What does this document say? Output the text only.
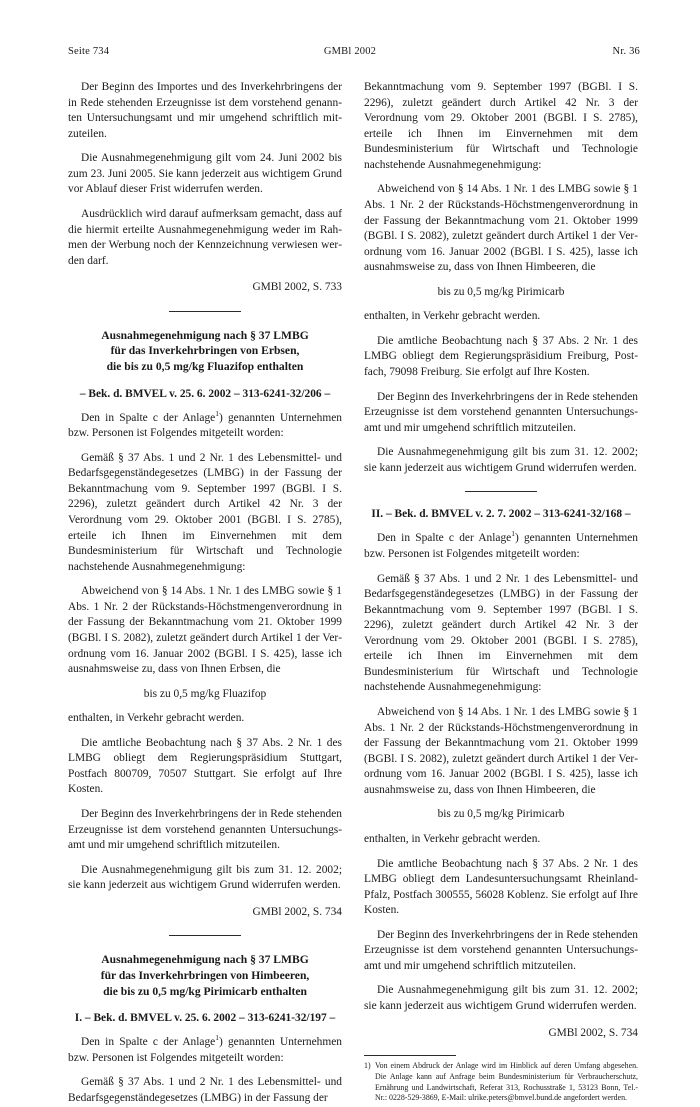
Seite 734	GMBl 2002	Nr. 36

Der Beginn des Importes und des Inverkehrbringens der in Rede stehenden Erzeugnisse ist dem vorstehend genannten Untersuchungsamt und mir umgehend schriftlich mitzuteilen.

Die Ausnahmegenehmigung gilt vom 24. Juni 2002 bis zum 23. Juni 2005. Sie kann jederzeit aus wichtigem Grund vor Ablauf dieser Frist widerrufen werden.

Ausdrücklich wird darauf aufmerksam gemacht, dass auf die hiermit erteilte Ausnahmegenehmigung weder im Rahmen der Werbung noch der Kennzeichnung verwiesen werden darf.

GMBl 2002, S. 733

Ausnahmegenehmigung nach § 37 LMBG
für das Inverkehrbringen von Erbsen,
die bis zu 0,5 mg/kg Fluazifop enthalten
– Bek. d. BMVEL v. 25. 6. 2002 – 313-6241-32/206 –

Den in Spalte c der Anlage$^1$) genannten Unternehmen bzw. Personen ist Folgendes mitgeteilt worden:

Gemäß § 37 Abs. 1 und 2 Nr. 1 des Lebensmittel- und Bedarfsgegenständegesetzes (LMBG) in der Fassung der Bekanntmachung vom 9. September 1997 (BGBl. I S. 2296), zuletzt geändert durch Artikel 42 Nr. 3 der Verordnung vom 29. Oktober 2001 (BGBl. I S. 2785), erteile ich Ihnen im Einvernehmen mit dem Bundesministerium für Wirtschaft und Technologie nachstehende Ausnahmegenehmigung:

Abweichend von § 14 Abs. 1 Nr. 1 des LMBG sowie § 1 Abs. 1 Nr. 2 der Rückstands-Höchstmengenverordnung in der Fassung der Bekanntmachung vom 21. Oktober 1999 (BGBl. I S. 2082), zuletzt geändert durch Artikel 1 der Verordnung vom 16. Januar 2002 (BGBl. I S. 425), lasse ich ausnahmsweise zu, dass von Ihnen Erbsen, die

bis zu 0,5 mg/kg Fluazifop

enthalten, in Verkehr gebracht werden.

Die amtliche Beobachtung nach § 37 Abs. 2 Nr. 1 des LMBG obliegt dem Regierungspräsidium Stuttgart, Postfach 800709, 70507 Stuttgart. Sie erfolgt auf Ihre Kosten.

Der Beginn des Inverkehrbringens der in Rede stehenden Erzeugnisse ist dem vorstehend genannten Untersuchungsamt und mir umgehend schriftlich mitzuteilen.

Die Ausnahmegenehmigung gilt bis zum 31. 12. 2002; sie kann jederzeit aus wichtigem Grund widerrufen werden.

GMBl 2002, S. 734

Ausnahmegenehmigung nach § 37 LMBG
für das Inverkehrbringen von Himbeeren,
die bis zu 0,5 mg/kg Pirimicarb enthalten
I. – Bek. d. BMVEL v. 25. 6. 2002 – 313-6241-32/197 –

Den in Spalte c der Anlage$^1$) genannten Unternehmen bzw. Personen ist Folgendes mitgeteilt worden:

Gemäß § 37 Abs. 1 und 2 Nr. 1 des Lebensmittel- und Bedarfsgegenständegesetzes (LMBG) in der Fassung der

Bekanntmachung vom 9. September 1997 (BGBl. I S. 2296), zuletzt geändert durch Artikel 42 Nr. 3 der Verordnung vom 29. Oktober 2001 (BGBl. I S. 2785), erteile ich Ihnen im Einvernehmen mit dem Bundesministerium für Wirtschaft und Technologie nachstehende Ausnahmegenehmigung:

Abweichend von § 14 Abs. 1 Nr. 1 des LMBG sowie § 1 Abs. 1 Nr. 2 der Rückstands-Höchstmengenverordnung in der Fassung der Bekanntmachung vom 21. Oktober 1999 (BGBl. I S. 2082), zuletzt geändert durch Artikel 1 der Verordnung vom 16. Januar 2002 (BGBl. I S. 425), lasse ich ausnahmsweise zu, dass von Ihnen Himbeeren, die

bis zu 0,5 mg/kg Pirimicarb

enthalten, in Verkehr gebracht werden.

Die amtliche Beobachtung nach § 37 Abs. 2 Nr. 1 des LMBG obliegt dem Regierungspräsidium Freiburg, Postfach, 79098 Freiburg. Sie erfolgt auf Ihre Kosten.

Der Beginn des Inverkehrbringens der in Rede stehenden Erzeugnisse ist dem vorstehend genannten Untersuchungsamt und mir umgehend schriftlich mitzuteilen.

Die Ausnahmegenehmigung gilt bis zum 31. 12. 2002; sie kann jederzeit aus wichtigem Grund widerrufen werden.

II. – Bek. d. BMVEL v. 2. 7. 2002 – 313-6241-32/168 –

Den in Spalte c der Anlage$^1$) genannten Unternehmen bzw. Personen ist Folgendes mitgeteilt worden:

Gemäß § 37 Abs. 1 und 2 Nr. 1 des Lebensmittel- und Bedarfsgegenständegesetzes (LMBG) in der Fassung der Bekanntmachung vom 9. September 1997 (BGBl. I S. 2296), zuletzt geändert durch Artikel 42 Nr. 3 der Verordnung vom 29. Oktober 2001 (BGBl. I S. 2785), erteile ich Ihnen im Einvernehmen mit dem Bundesministerium für Wirtschaft und Technologie nachstehende Ausnahmegenehmigung:

Abweichend von § 14 Abs. 1 Nr. 1 des LMBG sowie § 1 Abs. 1 Nr. 2 der Rückstands-Höchstmengenverordnung in der Fassung der Bekanntmachung vom 21. Oktober 1999 (BGBl. I S. 2082), zuletzt geändert durch Artikel 1 der Verordnung vom 16. Januar 2002 (BGBl. I S. 425), lasse ich ausnahmsweise zu, dass von Ihnen Himbeeren, die

bis zu 0,5 mg/kg Pirimicarb

enthalten, in Verkehr gebracht werden.

Die amtliche Beobachtung nach § 37 Abs. 2 Nr. 1 des LMBG obliegt dem Landesuntersuchungsamt Rheinland-Pfalz, Postfach 300555, 56028 Koblenz. Sie erfolgt auf Ihre Kosten.

Der Beginn des Inverkehrbringens der in Rede stehenden Erzeugnisse ist dem vorstehend genannten Untersuchungsamt und mir umgehend schriftlich mitzuteilen.

Die Ausnahmegenehmigung gilt bis zum 31. 12. 2002; sie kann jederzeit aus wichtigem Grund widerrufen werden.

GMBl 2002, S. 734

1) Von einem Abdruck der Anlage wird im Hinblick auf deren Umfang abgesehen. Die Anlage kann auf Anfrage beim Bundesministerium für Verbraucherschutz, Ernährung und Landwirtschaft, Referat 313, Rochusstraße 1, 53123 Bonn, Tel.-Nr.: 0228-529-3869, E-Mail: ulrike.peters@bmvel.bund.de angefordert werden.
